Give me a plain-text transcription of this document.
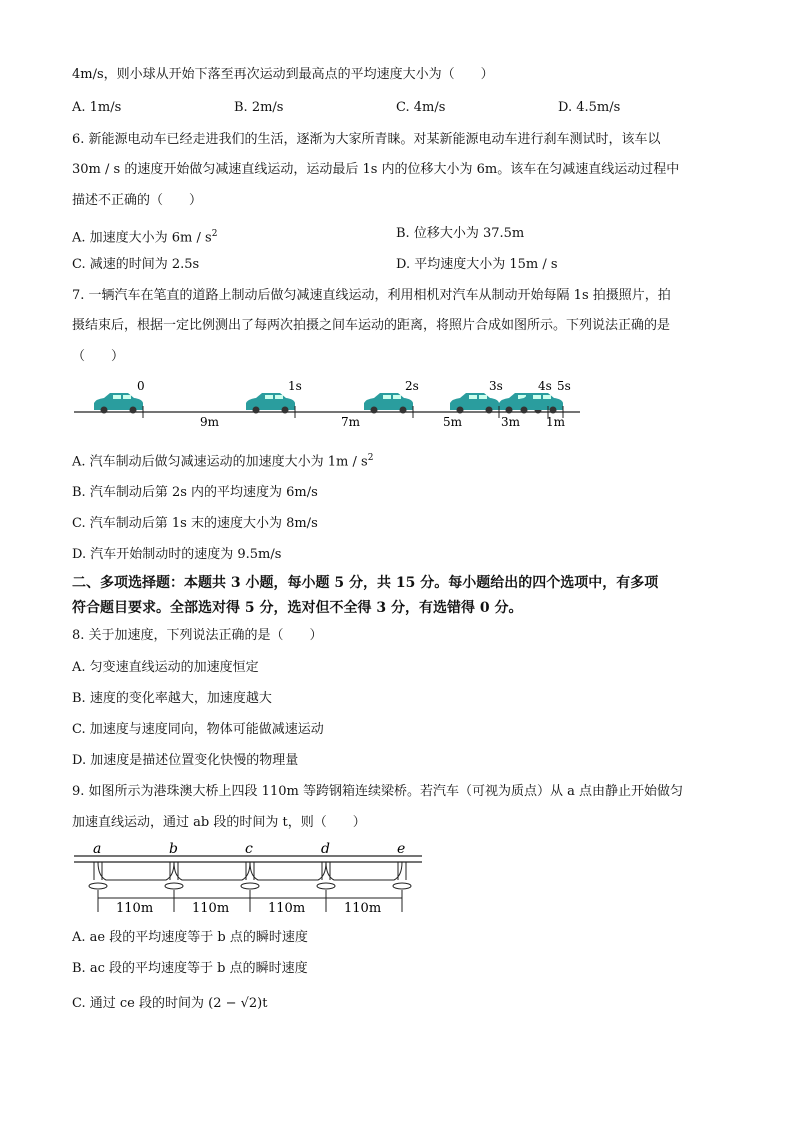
4m/s，则小球从开始下落至再次运动到最高点的平均速度大小为（　　）
A. 1m/s	B. 2m/s	C. 4m/s	D. 4.5m/s
6. 新能源电动车已经走进我们的生活，逐渐为大家所青睐。对某新能源电动车进行刹车测试时，该车以
30m / s 的速度开始做匀减速直线运动，运动最后 1s 内的位移大小为 6m。该车在匀减速直线运动过程中
描述不正确的（　　）
A. 加速度大小为 $6m / s^2$	B. 位移大小为 37.5m
C. 减速的时间为 2.5s	D. 平均速度大小为 15m / s
7. 一辆汽车在笔直的道路上制动后做匀减速直线运动，利用相机对汽车从制动开始每隔 1s 拍摄照片，拍
摄结束后，根据一定比例测出了每两次拍摄之间车运动的距离，将照片合成如图所示。下列说法正确的是
（　　）
0	1s	2s	3s	4s 5s
9m	7m	5m	3m 1m
A. 汽车制动后做匀减速运动的加速度大小为 $1m / s^2$
B. 汽车制动后第 2s 内的平均速度为 6m/s
C. 汽车制动后第 1s 末的速度大小为 8m/s
D. 汽车开始制动时的速度为 9.5m/s
二、多项选择题：本题共 3 小题，每小题 5 分，共 15 分。每小题给出的四个选项中，有多项
符合题目要求。全部选对得 5 分，选对但不全得 3 分，有选错得 0 分。
8. 关于加速度，下列说法正确的是（　　）
A. 匀变速直线运动的加速度恒定
B. 速度的变化率越大，加速度越大
C. 加速度与速度同向，物体可能做减速运动
D. 加速度是描述位置变化快慢的物理量
9. 如图所示为港珠澳大桥上四段 110m 等跨钢箱连续梁桥。若汽车（可视为质点）从 a 点由静止开始做匀
加速直线运动，通过 ab 段的时间为 t，则（　　）
a	b	c	d	e
110m	110m	110m	110m
A. ae 段的平均速度等于 b 点的瞬时速度
B. ac 段的平均速度等于 b 点的瞬时速度
C. 通过 ce 段的时间为 (2 − √2)t
